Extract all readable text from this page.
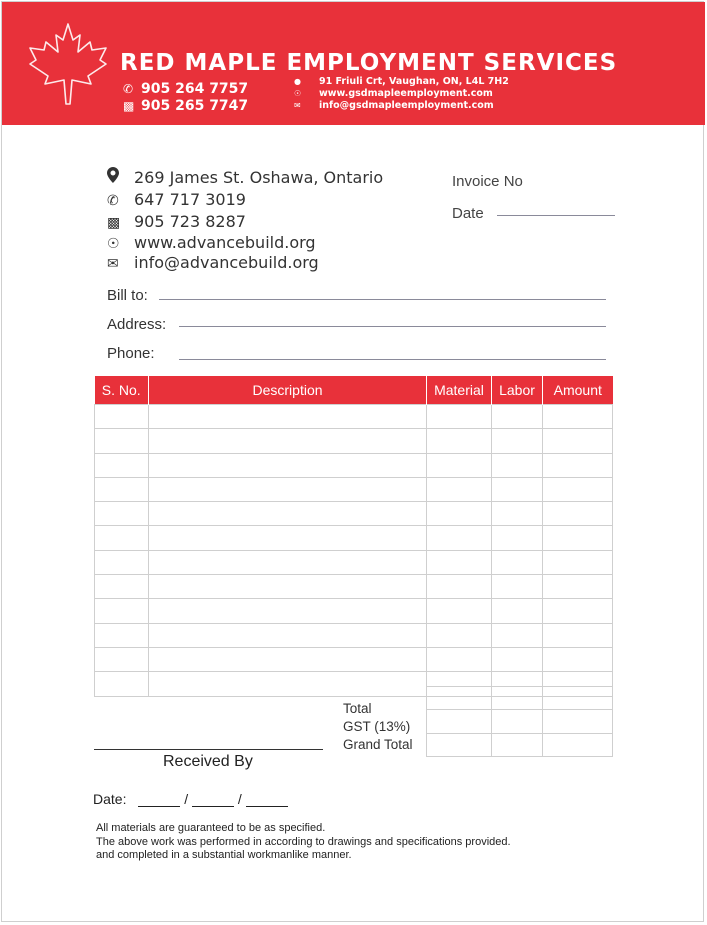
RED MAPLE EMPLOYMENT SERVICES
✆ 905 264 7757
▩ 905 265 7747
● 91 Friuli Crt, Vaughan, ON, L4L 7H2
☉ www.gsdmapleemployment.com
✉ info@gsdmapleemployment.com
269 James St. Oshawa, Ontario
✆ 647 717 3019
▩ 905 723 8287
☉ www.advancebuild.org
✉ info@advancebuild.org
Invoice No
Date
Bill to:
Address:
Phone:
S. No.	Description	Material	Labor	Amount

Total
GST (13%)
Grand Total
Received By
Date:	/	/
All materials are guaranteed to be as specified.
The above work was performed in according to drawings and specifications provided.
and completed in a substantial workmanlike manner.
